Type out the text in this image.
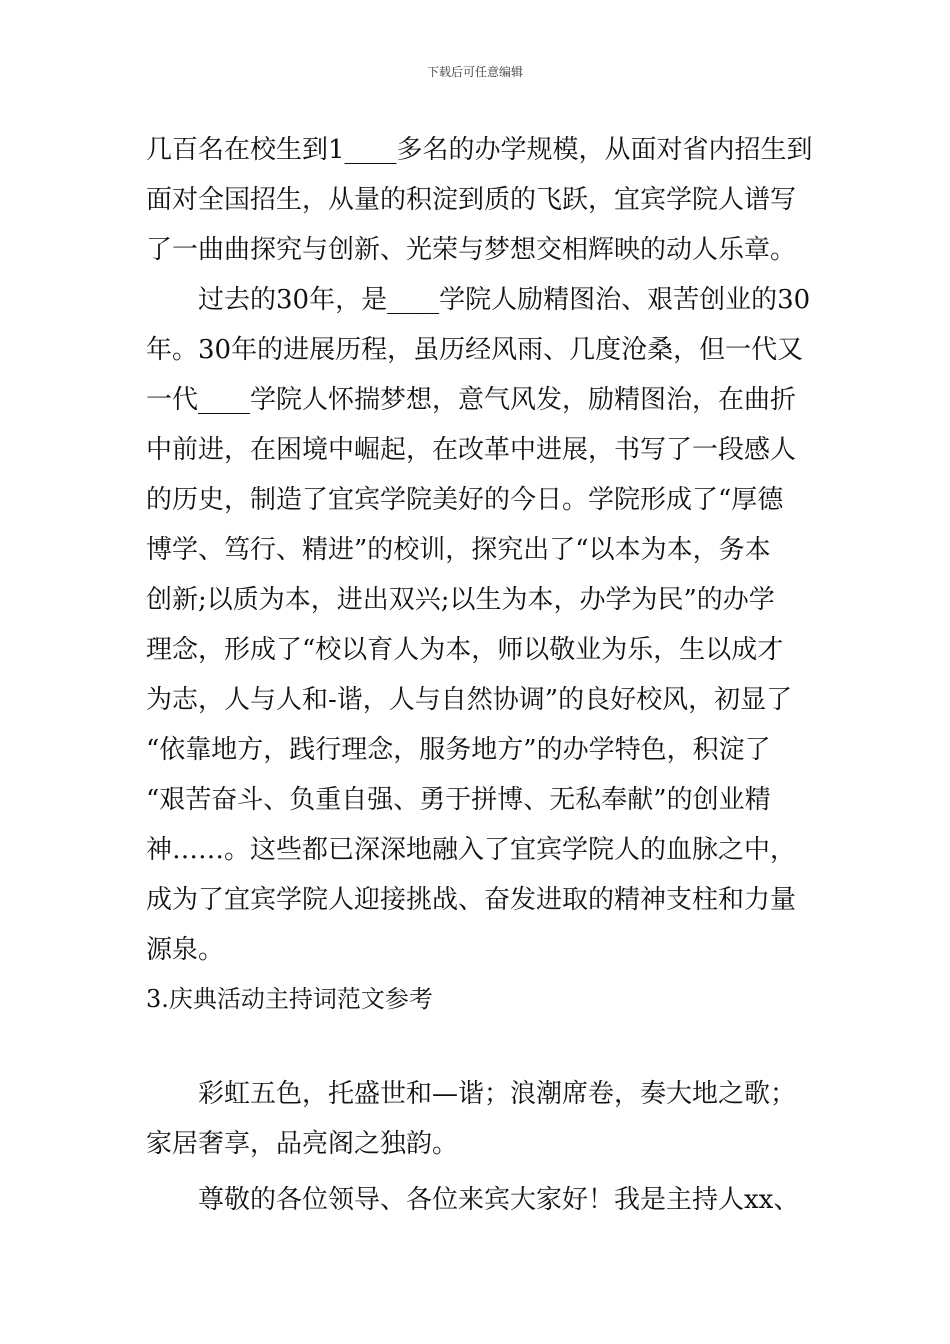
下载后可任意编辑
几百名在校生到1____多名的办学规模，从面对省内招生到
面对全国招生，从量的积淀到质的飞跃，宜宾学院人谱写
了一曲曲探究与创新、光荣与梦想交相辉映的动人乐章。
过去的30年，是____学院人励精图治、艰苦创业的30
年。30年的进展历程，虽历经风雨、几度沧桑，但一代又
一代____学院人怀揣梦想，意气风发，励精图治，在曲折
中前进，在困境中崛起，在改革中进展，书写了一段感人
的历史，制造了宜宾学院美好的今日。学院形成了“厚德
博学、笃行、精进”的校训，探究出了“以本为本，务本
创新;以质为本，进出双兴;以生为本，办学为民”的办学
理念，形成了“校以育人为本，师以敬业为乐，生以成才
为志，人与人和-谐，人与自然协调”的良好校风，初显了
“依靠地方，践行理念，服务地方”的办学特色，积淀了
“艰苦奋斗、负重自强、勇于拼博、无私奉献”的创业精
神……。这些都已深深地融入了宜宾学院人的血脉之中，
成为了宜宾学院人迎接挑战、奋发进取的精神支柱和力量
源泉。
3.庆典活动主持词范文参考
彩虹五色，托盛世和—谐；浪潮席卷，奏大地之歌；
家居奢享，品亮阁之独韵。
尊敬的各位领导、各位来宾大家好！我是主持人xx、
